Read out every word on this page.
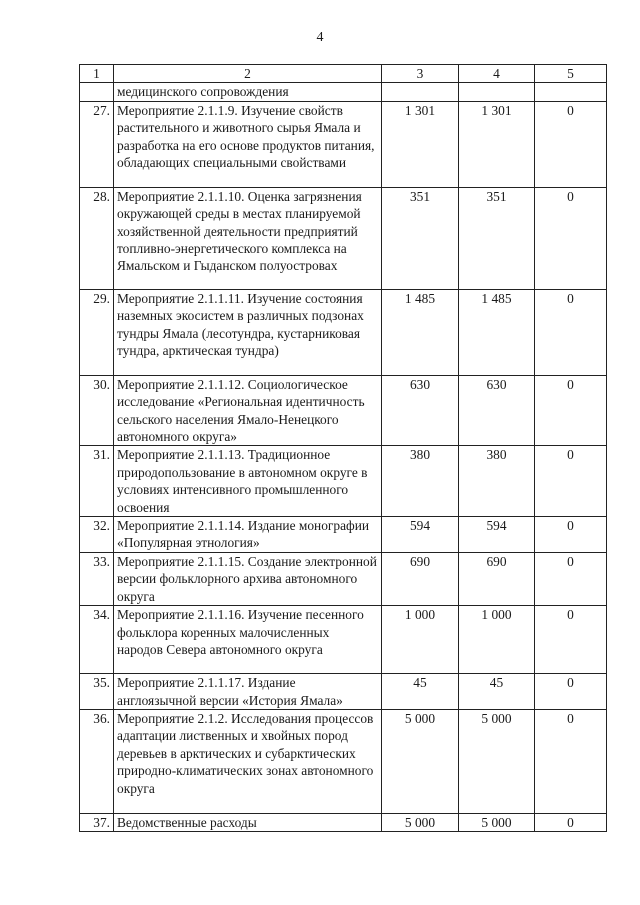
4
1	2	3	4	5
	медицинского сопровождения			
27.	Мероприятие 2.1.1.9. Изучение свойств растительного и животного сырья Ямала и разработка на его основе продуктов питания, обладающих специальными свойствами	1 301	1 301	0
28.	Мероприятие 2.1.1.10. Оценка загрязнения окружающей среды в местах планируемой хозяйственной деятельности предприятий топливно-энергетического комплекса на Ямальском и Гыданском полуостровах	351	351	0
29.	Мероприятие 2.1.1.11. Изучение состояния наземных экосистем в различных подзонах тундры Ямала (лесотундра, кустарниковая тундра, арктическая тундра)	1 485	1 485	0
30.	Мероприятие 2.1.1.12. Социологическое исследование «Региональная идентичность сельского населения Ямало-Ненецкого автономного округа»	630	630	0
31.	Мероприятие 2.1.1.13. Традиционное природопользование в автономном округе в условиях интенсивного промышленного освоения	380	380	0
32.	Мероприятие 2.1.1.14. Издание монографии «Популярная этнология»	594	594	0
33.	Мероприятие 2.1.1.15. Создание электронной версии фольклорного архива автономного округа	690	690	0
34.	Мероприятие 2.1.1.16. Изучение песенного фольклора коренных малочисленных народов Севера автономного округа	1 000	1 000	0
35.	Мероприятие 2.1.1.17. Издание англоязычной версии «История Ямала»	45	45	0
36.	Мероприятие 2.1.2. Исследования процессов адаптации лиственных и хвойных пород деревьев в арктических и субарктических природно-климатических зонах автономного округа	5 000	5 000	0
37.	Ведомственные расходы	5 000	5 000	0
